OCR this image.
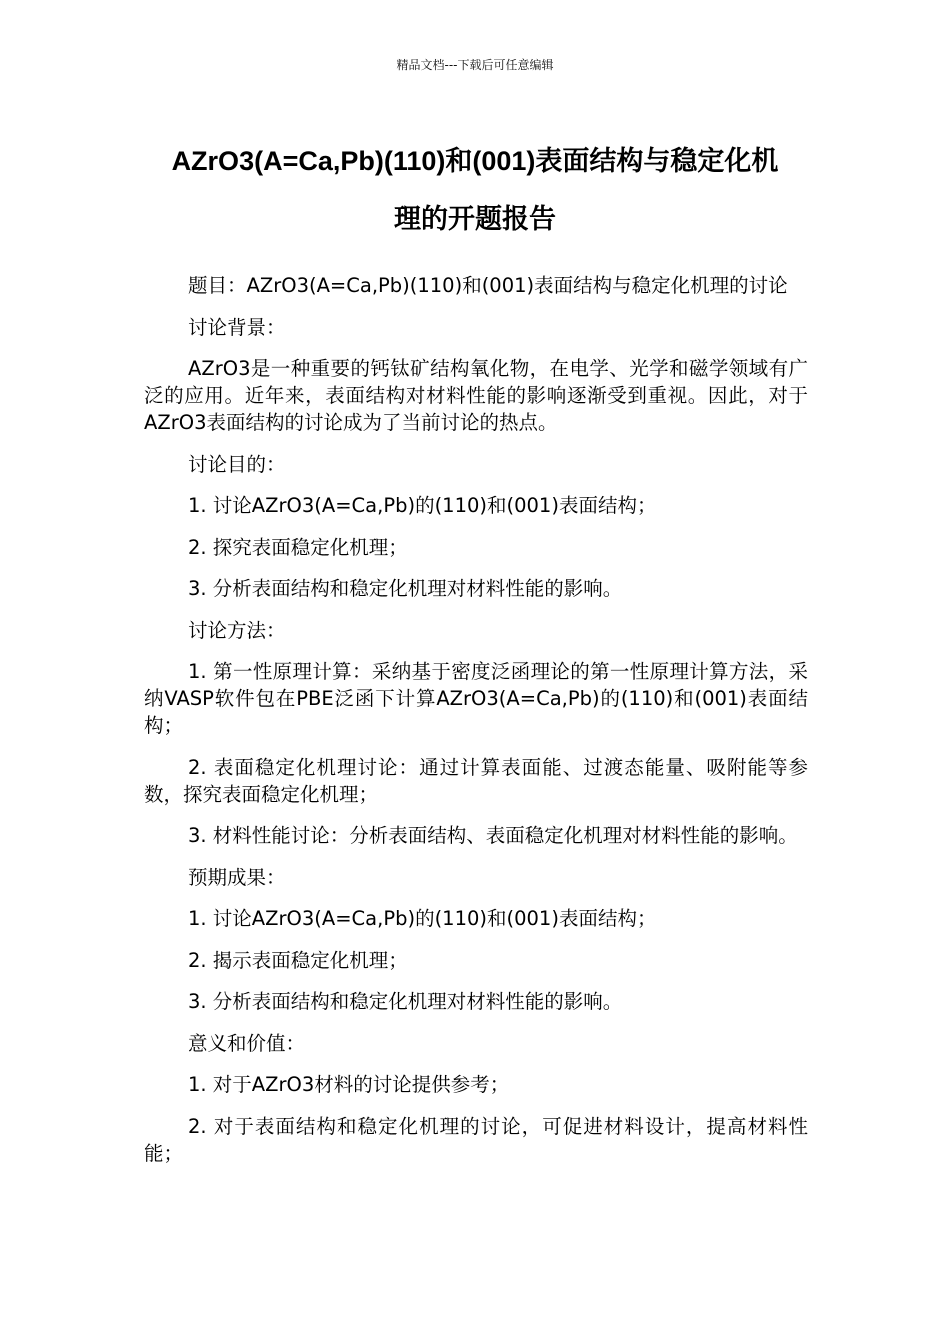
精品文档---下载后可任意编辑
AZrO3(A=Ca,Pb)(110)和(001)表面结构与稳定化机
理的开题报告

题目：AZrO3(A=Ca,Pb)(110)和(001)表面结构与稳定化机理的讨论

讨论背景：

AZrO3是一种重要的钙钛矿结构氧化物，在电学、光学和磁学领域有广泛的应用。近年来，表面结构对材料性能的影响逐渐受到重视。因此，对于AZrO3表面结构的讨论成为了当前讨论的热点。

讨论目的：

1. 讨论AZrO3(A=Ca,Pb)的(110)和(001)表面结构；

2. 探究表面稳定化机理；

3. 分析表面结构和稳定化机理对材料性能的影响。

讨论方法：

1. 第一性原理计算：采纳基于密度泛函理论的第一性原理计算方法，采纳VASP软件包在PBE泛函下计算AZrO3(A=Ca,Pb)的(110)和(001)表面结构；

2. 表面稳定化机理讨论：通过计算表面能、过渡态能量、吸附能等参数，探究表面稳定化机理；

3. 材料性能讨论：分析表面结构、表面稳定化机理对材料性能的影响。

预期成果：

1. 讨论AZrO3(A=Ca,Pb)的(110)和(001)表面结构；

2. 揭示表面稳定化机理；

3. 分析表面结构和稳定化机理对材料性能的影响。

意义和价值：

1. 对于AZrO3材料的讨论提供参考；

2. 对于表面结构和稳定化机理的讨论，可促进材料设计，提高材料性能；
